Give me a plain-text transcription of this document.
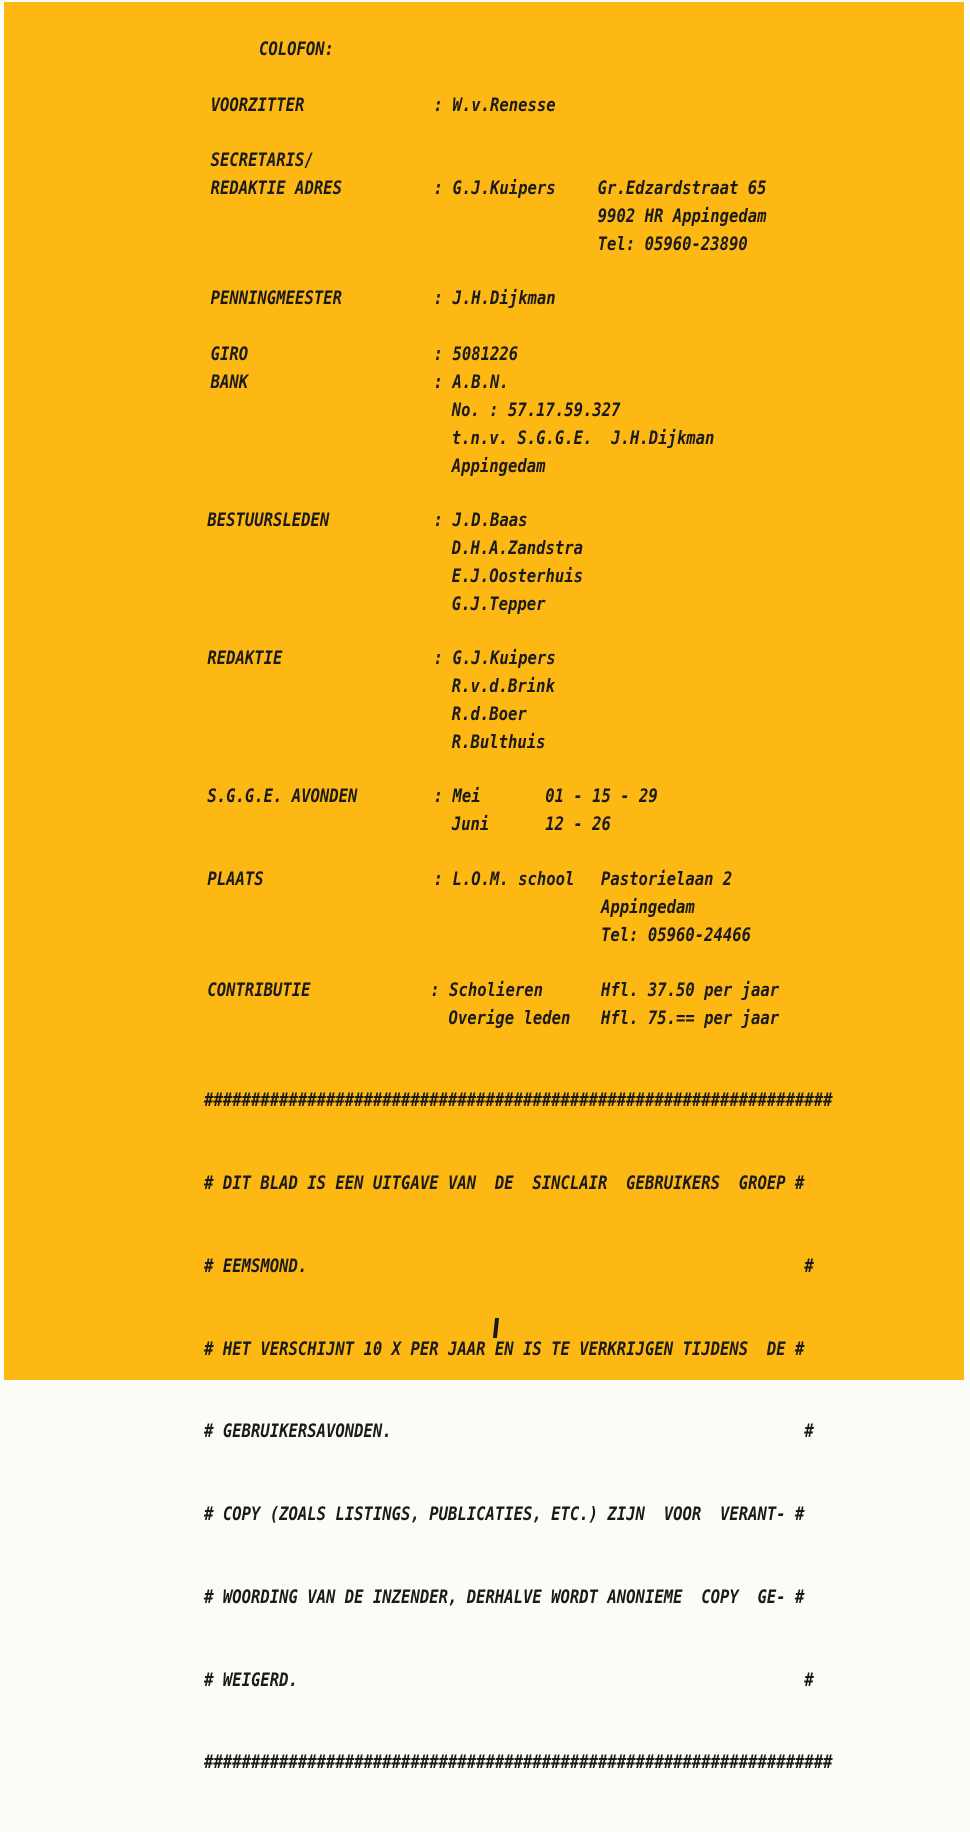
COLOFON:
VOORZITTER	: W.v.Renesse
SECRETARIS/
REDAKTIE ADRES	: G.J.Kuipers Gr.Edzardstraat 65
9902 HR Appingedam
Tel: 05960-23890
PENNINGMEESTER	: J.H.Dijkman
GIRO	: 5081226
BANK	: A.B.N.
No. : 57.17.59.327
t.n.v. S.G.G.E.  J.H.Dijkman
Appingedam
BESTUURSLEDEN	: J.D.Baas
D.H.A.Zandstra
E.J.Oosterhuis
G.J.Tepper
REDAKTIE	: G.J.Kuipers
R.v.d.Brink
R.d.Boer
R.Bulthuis
S.G.G.E. AVONDEN	: Mei	01 - 15 - 29
Juni	12 - 26
PLAATS	: L.O.M. school Pastorielaan 2
Appingedam
Tel: 05960-24466
CONTRIBUTIE	: Scholieren	Hfl. 37.50 per jaar
Overige leden Hfl. 75.== per jaar

###################################################################

# DIT BLAD IS EEN UITGAVE VAN  DE  SINCLAIR  GEBRUIKERS  GROEP #

# EEMSMOND.                                                     #

# HET VERSCHIJNT 10 X PER JAAR EN IS TE VERKRIJGEN TIJDENS  DE #

# GEBRUIKERSAVONDEN.                                            #

# COPY (ZOALS LISTINGS, PUBLICATIES, ETC.) ZIJN  VOOR  VERANT- #

# WOORDING VAN DE INZENDER, DERHALVE WORDT ANONIEME  COPY  GE- #

# WEIGERD.                                                      #

###################################################################
